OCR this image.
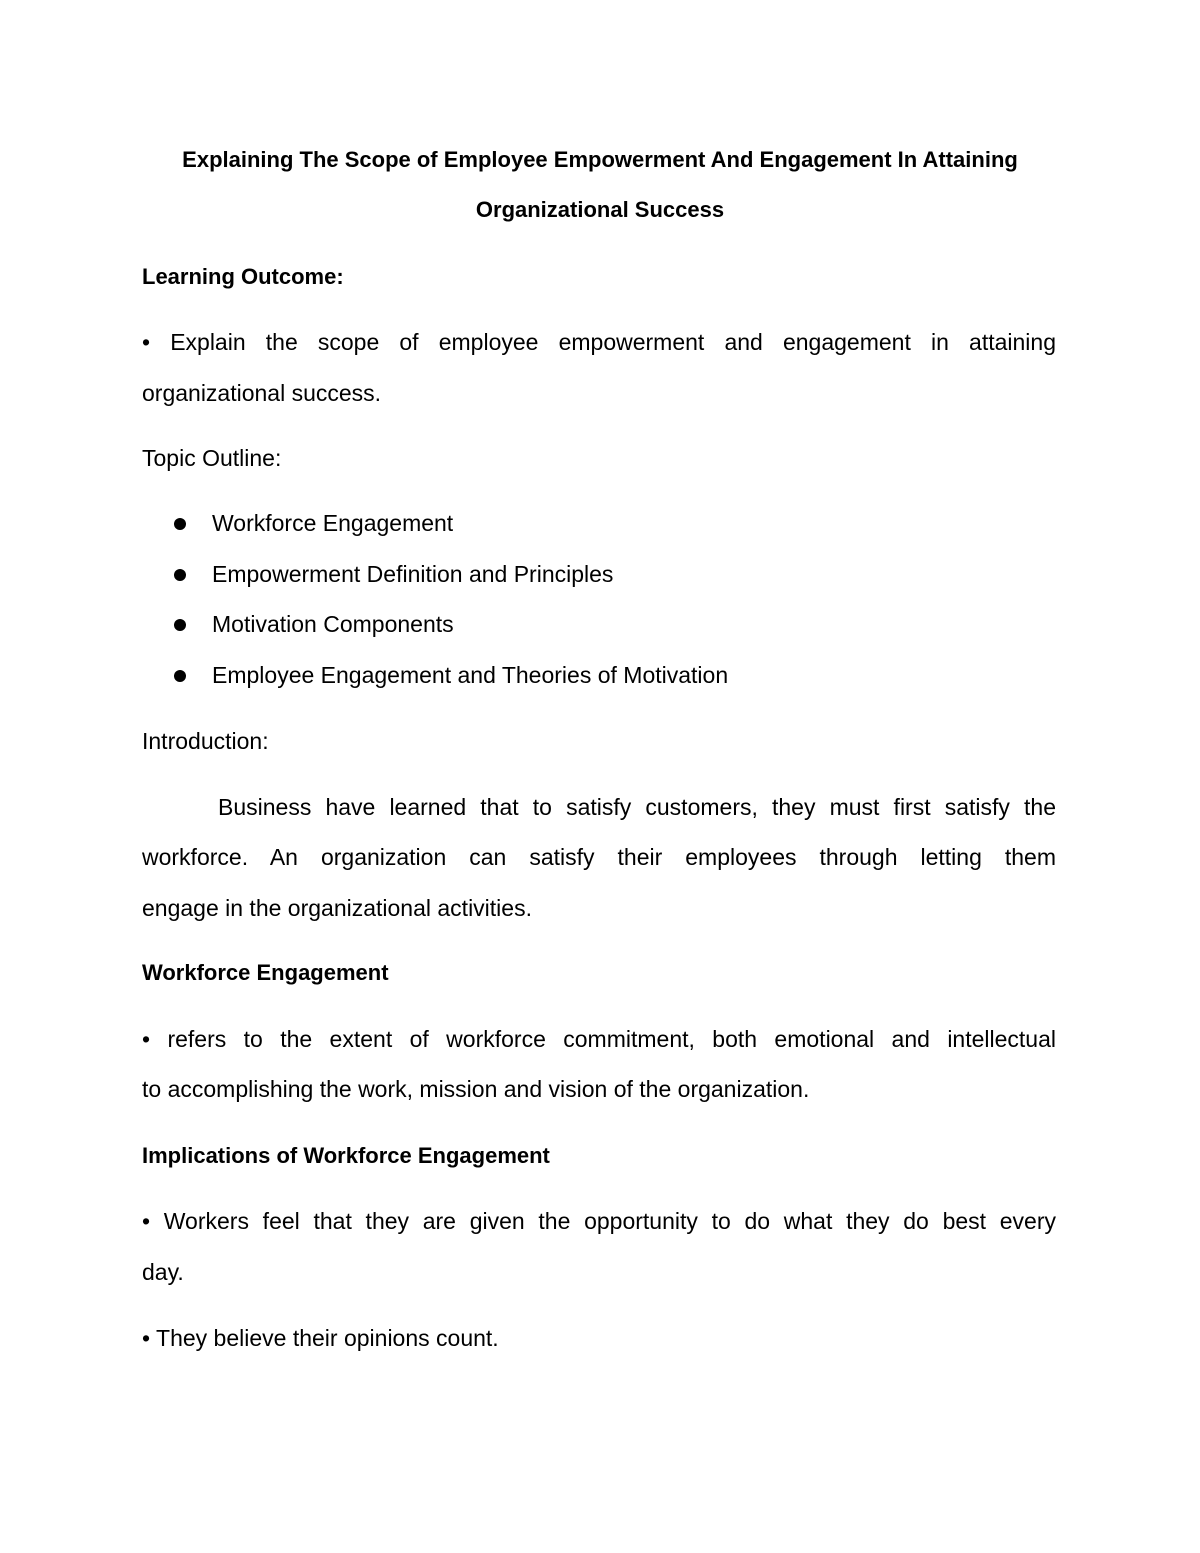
Explaining The Scope of Employee Empowerment And Engagement In Attaining

Organizational Success

Learning Outcome:

• Explain the scope of employee empowerment and engagement in attaining

organizational success.

Topic Outline:

Workforce Engagement

Empowerment Definition and Principles

Motivation Components

Employee Engagement and Theories of Motivation

Introduction:

Business have learned that to satisfy customers, they must first satisfy the

workforce. An organization can satisfy their employees through letting them

engage in the organizational activities.

Workforce Engagement

• refers to the extent of workforce commitment, both emotional and intellectual

to accomplishing the work, mission and vision of the organization.

Implications of Workforce Engagement

• Workers feel that they are given the opportunity to do what they do best every

day.

• They believe their opinions count.
